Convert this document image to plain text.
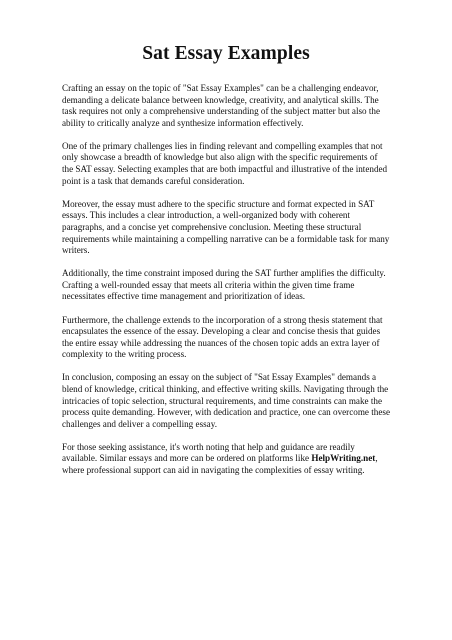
Sat Essay Examples

Crafting an essay on the topic of "Sat Essay Examples" can be a challenging endeavor, demanding a delicate balance between knowledge, creativity, and analytical skills. The task requires not only a comprehensive understanding of the subject matter but also the ability to critically analyze and synthesize information effectively.

One of the primary challenges lies in finding relevant and compelling examples that not only showcase a breadth of knowledge but also align with the specific requirements of the SAT essay. Selecting examples that are both impactful and illustrative of the intended point is a task that demands careful consideration.

Moreover, the essay must adhere to the specific structure and format expected in SAT essays. This includes a clear introduction, a well-organized body with coherent paragraphs, and a concise yet comprehensive conclusion. Meeting these structural requirements while maintaining a compelling narrative can be a formidable task for many writers.

Additionally, the time constraint imposed during the SAT further amplifies the difficulty. Crafting a well-rounded essay that meets all criteria within the given time frame necessitates effective time management and prioritization of ideas.

Furthermore, the challenge extends to the incorporation of a strong thesis statement that encapsulates the essence of the essay. Developing a clear and concise thesis that guides the entire essay while addressing the nuances of the chosen topic adds an extra layer of complexity to the writing process.

In conclusion, composing an essay on the subject of "Sat Essay Examples" demands a blend of knowledge, critical thinking, and effective writing skills. Navigating through the intricacies of topic selection, structural requirements, and time constraints can make the process quite demanding. However, with dedication and practice, one can overcome these challenges and deliver a compelling essay.

For those seeking assistance, it's worth noting that help and guidance are readily available. Similar essays and more can be ordered on platforms like HelpWriting.net, where professional support can aid in navigating the complexities of essay writing.
